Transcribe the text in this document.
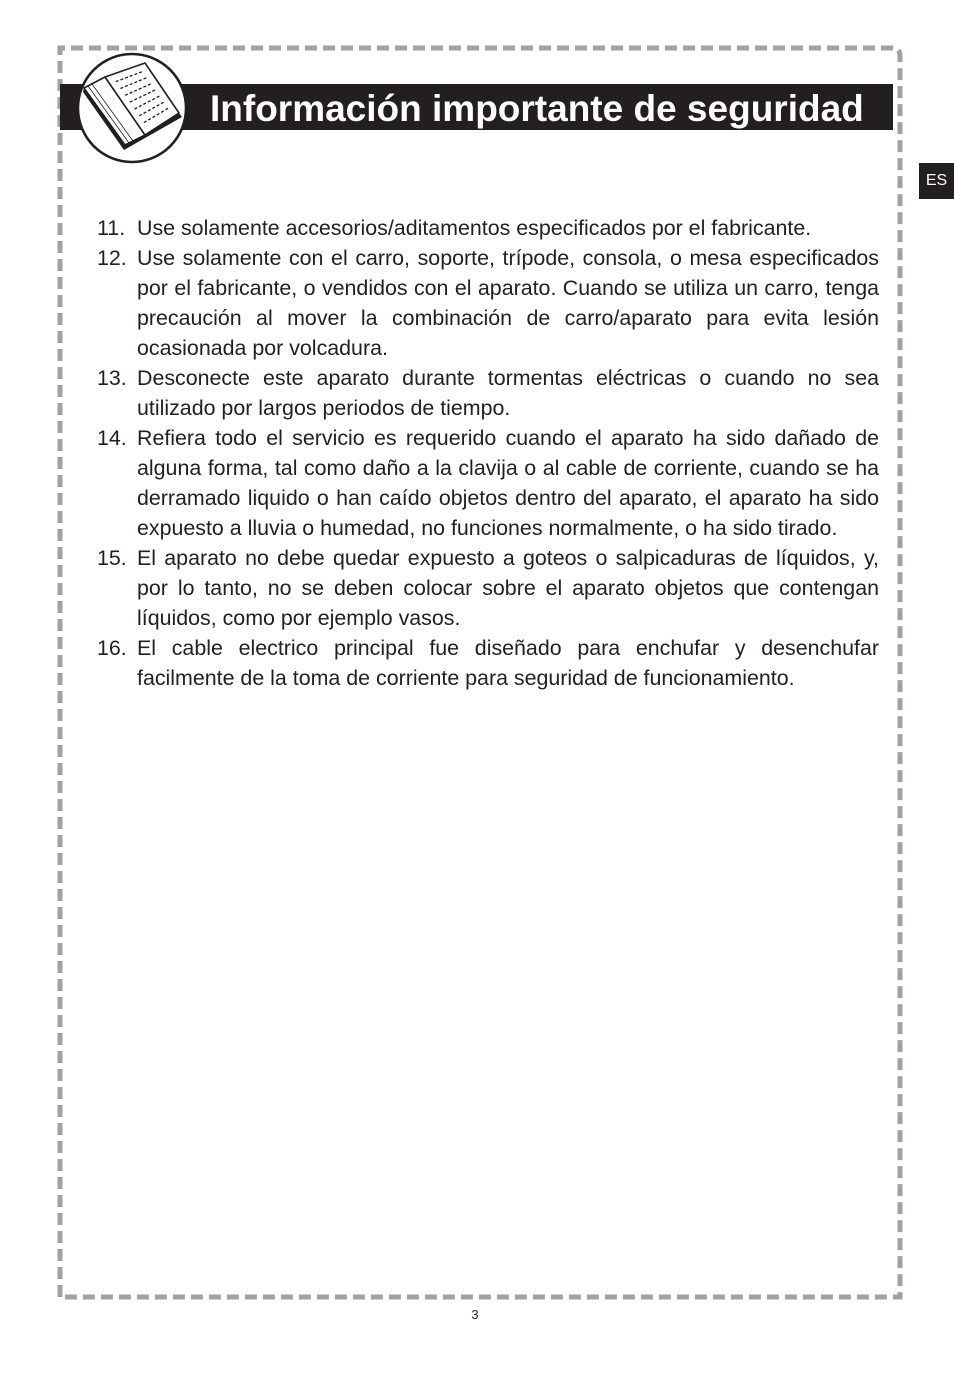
Información importante de seguridad
ES
11. Use solamente accesorios/aditamentos especificados por el fabricante.
12. Use solamente con el carro, soporte, trípode, consola, o mesa especificados por el fabricante, o vendidos con el aparato. Cuando se utiliza un carro, tenga precaución al mover la combinación de carro/aparato para evita lesión ocasionada por volcadura.
13. Desconecte este aparato durante tormentas eléctricas o cuando no sea utilizado por largos periodos de tiempo.
14. Refiera todo el servicio es requerido cuando el aparato ha sido dañado de alguna forma, tal como daño a la clavija o al cable de corriente, cuando se ha derramado liquido o han caído objetos dentro del aparato, el aparato ha sido expuesto a lluvia o humedad, no funciones normalmente, o ha sido tirado.
15. El aparato no debe quedar expuesto a goteos o salpicaduras de líquidos, y, por lo tanto, no se deben colocar sobre el aparato objetos que contengan líquidos, como por ejemplo vasos.
16. El cable electrico principal fue diseñado para enchufar y desenchufar facilmente de la toma de corriente para seguridad de funcionamiento.
3
